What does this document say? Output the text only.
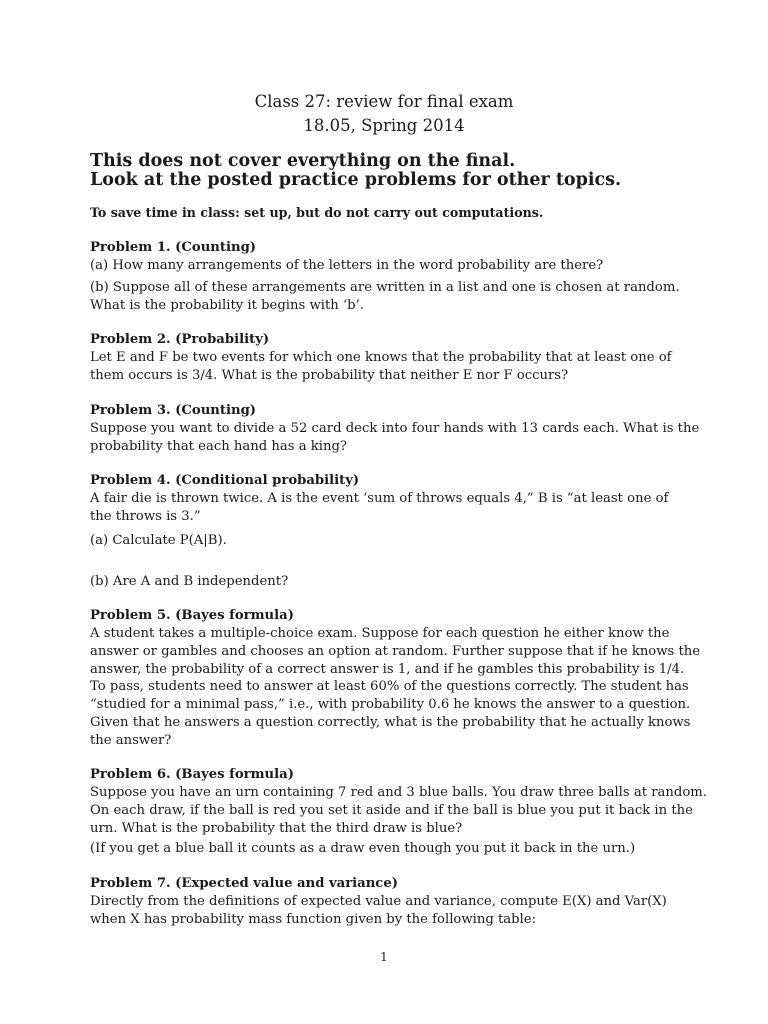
Class 27: review for final exam
18.05, Spring 2014
This does not cover everything on the final.
Look at the posted practice problems for other topics.
To save time in class: set up, but do not carry out computations.
Problem 1. (Counting)
(a) How many arrangements of the letters in the word probability are there?
(b) Suppose all of these arrangements are written in a list and one is chosen at random.
What is the probability it begins with ‘b’.
Problem 2. (Probability)
Let E and F be two events for which one knows that the probability that at least one of
them occurs is 3/4. What is the probability that neither E nor F occurs?
Problem 3. (Counting)
Suppose you want to divide a 52 card deck into four hands with 13 cards each. What is the
probability that each hand has a king?
Problem 4. (Conditional probability)
A fair die is thrown twice. A is the event ‘sum of throws equals 4,” B is “at least one of
the throws is 3.”
(a) Calculate P(A|B).
(b) Are A and B independent?
Problem 5. (Bayes formula)
A student takes a multiple-choice exam. Suppose for each question he either know the
answer or gambles and chooses an option at random. Further suppose that if he knows the
answer, the probability of a correct answer is 1, and if he gambles this probability is 1/4.
To pass, students need to answer at least 60% of the questions correctly. The student has
“studied for a minimal pass,” i.e., with probability 0.6 he knows the answer to a question.
Given that he answers a question correctly, what is the probability that he actually knows
the answer?
Problem 6. (Bayes formula)
Suppose you have an urn containing 7 red and 3 blue balls. You draw three balls at random.
On each draw, if the ball is red you set it aside and if the ball is blue you put it back in the
urn. What is the probability that the third draw is blue?
(If you get a blue ball it counts as a draw even though you put it back in the urn.)
Problem 7. (Expected value and variance)
Directly from the definitions of expected value and variance, compute E(X) and Var(X)
when X has probability mass function given by the following table:
1
